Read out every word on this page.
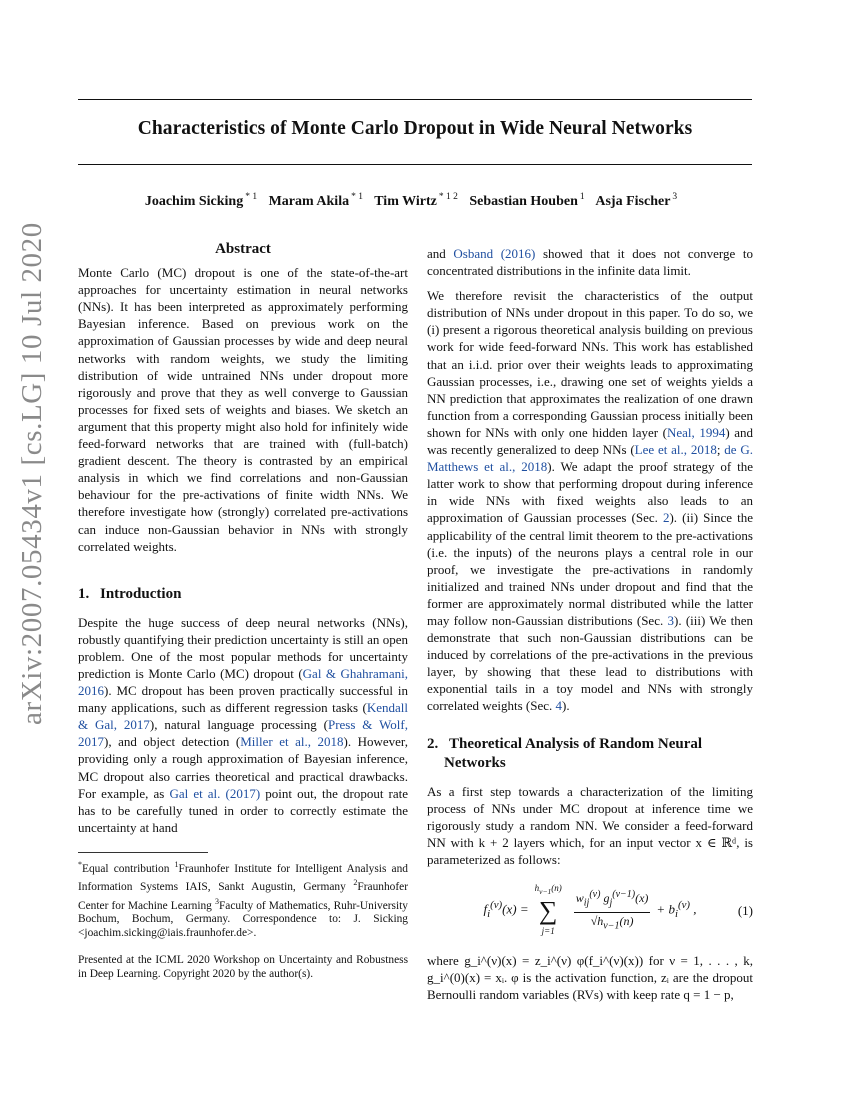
Characteristics of Monte Carlo Dropout in Wide Neural Networks
Joachim Sicking $^{* 1}$ Maram Akila $^{* 1}$ Tim Wirtz $^{* 1 2}$ Sebastian Houben $^1$ Asja Fischer $^3$
arXiv:2007.05434v1 [cs.LG] 10 Jul 2020	Abstract

Monte Carlo (MC) dropout is one of the state-of-the-art approaches for uncertainty estimation in neural networks (NNs). It has been interpreted as approximately performing Bayesian inference. Based on previous work on the approximation of Gaussian processes by wide and deep neural networks with random weights, we study the limiting distribution of wide untrained NNs under dropout more rigorously and prove that they as well converge to Gaussian processes for fixed sets of weights and biases. We sketch an argument that this property might also hold for infinitely wide feed-forward networks that are trained with (full-batch) gradient descent. The theory is contrasted by an empirical analysis in which we find correlations and non-Gaussian behaviour for the pre-activations of finite width NNs. We therefore investigate how (strongly) correlated pre-activations can induce non-Gaussian behavior in NNs with strongly correlated weights.

1. Introduction

Despite the huge success of deep neural networks (NNs), robustly quantifying their prediction uncertainty is still an open problem. One of the most popular methods for uncertainty prediction is Monte Carlo (MC) dropout (Gal & Ghahramani, 2016). MC dropout has been proven practically successful in many applications, such as different regression tasks (Kendall & Gal, 2017), natural language processing (Press & Wolf, 2017), and object detection (Miller et al., 2018). However, providing only a rough approximation of Bayesian inference, MC dropout also carries theoretical and practical drawbacks. For example, as Gal et al. (2017) point out, the dropout rate has to be carefully tuned in order to correctly estimate the uncertainty at hand

*Equal contribution $^1$Fraunhofer Institute for Intelligent Analysis and Information Systems IAIS, Sankt Augustin, Germany $^2$Fraunhofer Center for Machine Learning $^3$Faculty of Mathematics, Ruhr-University Bochum, Bochum, Germany. Correspondence to: J. Sicking <joachim.sicking@iais.fraunhofer.de>.

Presented at the ICML 2020 Workshop on Uncertainty and Robustness in Deep Learning. Copyright 2020 by the author(s).

and Osband (2016) showed that it does not converge to concentrated distributions in the infinite data limit.

We therefore revisit the characteristics of the output distribution of NNs under dropout in this paper. To do so, we (i) present a rigorous theoretical analysis building on previous work for wide feed-forward NNs. This work has established that an i.i.d. prior over their weights leads to approximating Gaussian processes, i.e., drawing one set of weights yields a NN prediction that approximates the realization of one drawn function from a corresponding Gaussian process initially been shown for NNs with only one hidden layer (Neal, 1994) and was recently generalized to deep NNs (Lee et al., 2018; de G. Matthews et al., 2018). We adapt the proof strategy of the latter work to show that performing dropout during inference in wide NNs with fixed weights also leads to an approximation of Gaussian processes (Sec. 2). (ii) Since the applicability of the central limit theorem to the pre-activations (i.e. the inputs) of the neurons plays a central role in our proof, we investigate the pre-activations in randomly initialized and trained NNs under dropout and find that the former are approximately normal distributed while the latter may follow non-Gaussian distributions (Sec. 3). (iii) We then demonstrate that such non-Gaussian distributions can be induced by correlations of the pre-activations in the previous layer, by showing that these lead to distributions with exponential tails in a toy model and NNs with strongly correlated weights (Sec. 4).

2. Theoretical Analysis of Random Neural
Networks

As a first step towards a characterization of the limiting process of NNs under MC dropout at inference time we rigorously study a random NN. We consider a feed-forward NN with k + 2 layers which, for an input vector x ∈ ℝᵈ, is parameterized as follows:

$f_i^{(\nu)}(x)$ =
$h_{\nu-1}(n)$
∑
$j=1 \frac{w_{ij}^{(\nu)} g_j^{(\nu-1)}(x)}{√h_{\nu-1}(n)} + b_i^{(\nu)}$ ,	(1)

where g_i^(ν)(x) = z_i^(ν) φ(f_i^(ν)(x)) for ν = 1, . . . , k, g_i^(0)(x) = xᵢ. φ is the activation function, zᵢ are the dropout Bernoulli random variables (RVs) with keep rate q = 1 − p,
